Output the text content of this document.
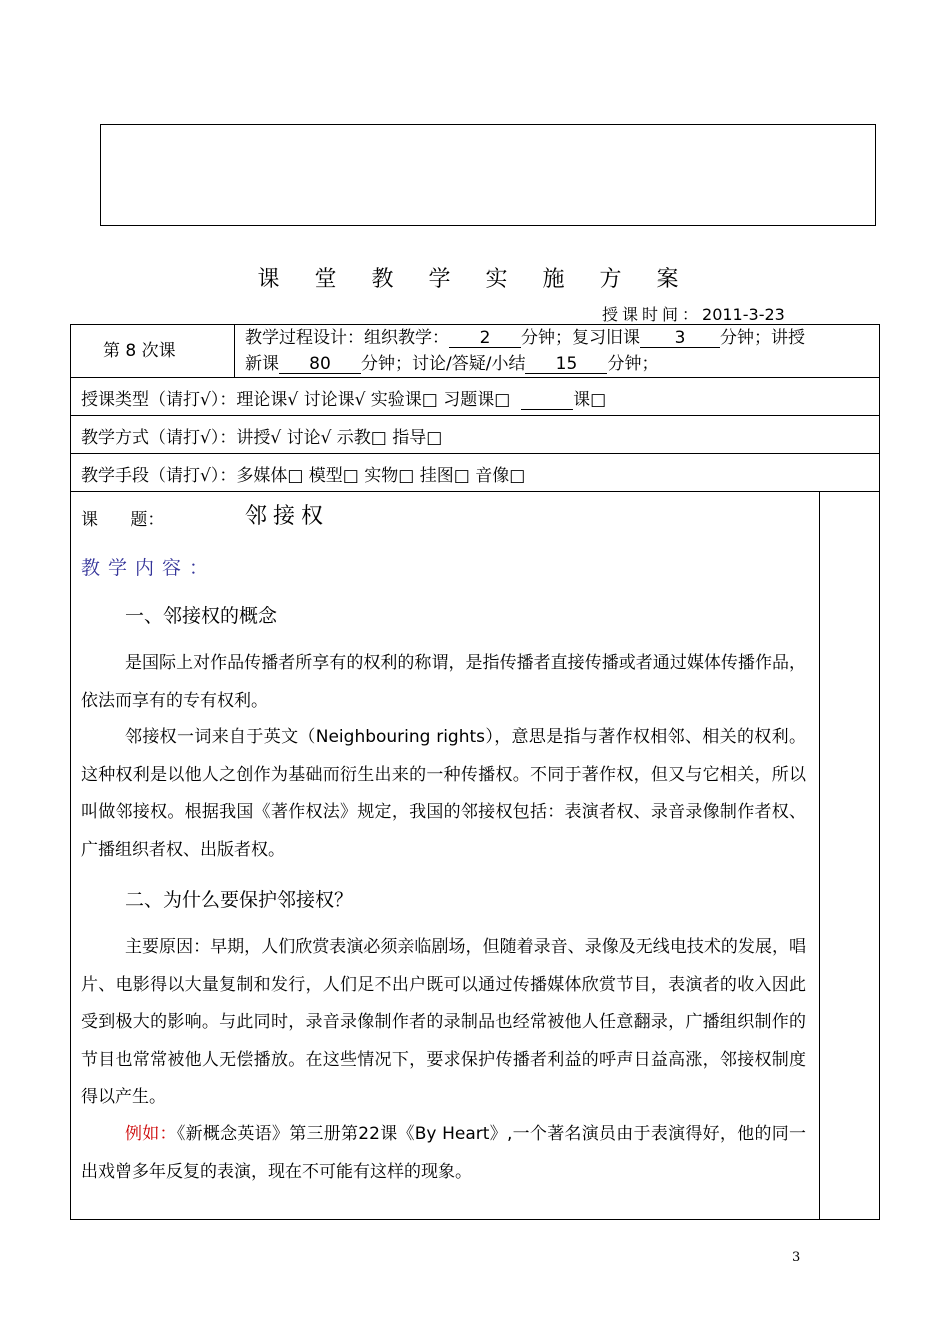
课 堂 教 学 实 施 方 案
授课时间：2011-3-23
第 8 次课
教学过程设计：组织教学： 2 分钟；复习旧课 3 分钟；讲授
新课 80 分钟；讨论/答疑/小结 15 分钟；
授课类型（请打√）：理论课√ 讨论课√ 实验课□ 习题课□	课□
教学方式（请打√）：讲授√ 讨论√ 示教□ 指导□
教学手段（请打√）：多媒体□ 模型□ 实物□ 挂图□ 音像□
课      题：	邻接权
教学内容：
一、邻接权的概念
是国际上对作品传播者所享有的权利的称谓，是指传播者直接传播或者通过媒体传播作品，依法而享有的专有权利。
邻接权一词来自于英文（Neighbouring rights），意思是指与著作权相邻、相关的权利。这种权利是以他人之创作为基础而衍生出来的一种传播权。不同于著作权，但又与它相关，所以叫做邻接权。根据我国《著作权法》规定，我国的邻接权包括：表演者权、录音录像制作者权、广播组织者权、出版者权。
二、为什么要保护邻接权？
主要原因：早期，人们欣赏表演必须亲临剧场，但随着录音、录像及无线电技术的发展，唱片、电影得以大量复制和发行，人们足不出户既可以通过传播媒体欣赏节目，表演者的收入因此受到极大的影响。与此同时，录音录像制作者的录制品也经常被他人任意翻录，广播组织制作的节目也常常被他人无偿播放。在这些情况下，要求保护传播者利益的呼声日益高涨，邻接权制度得以产生。
例如：《新概念英语》第三册第22课《By Heart》,一个著名演员由于表演得好，他的同一出戏曾多年反复的表演，现在不可能有这样的现象。
3
